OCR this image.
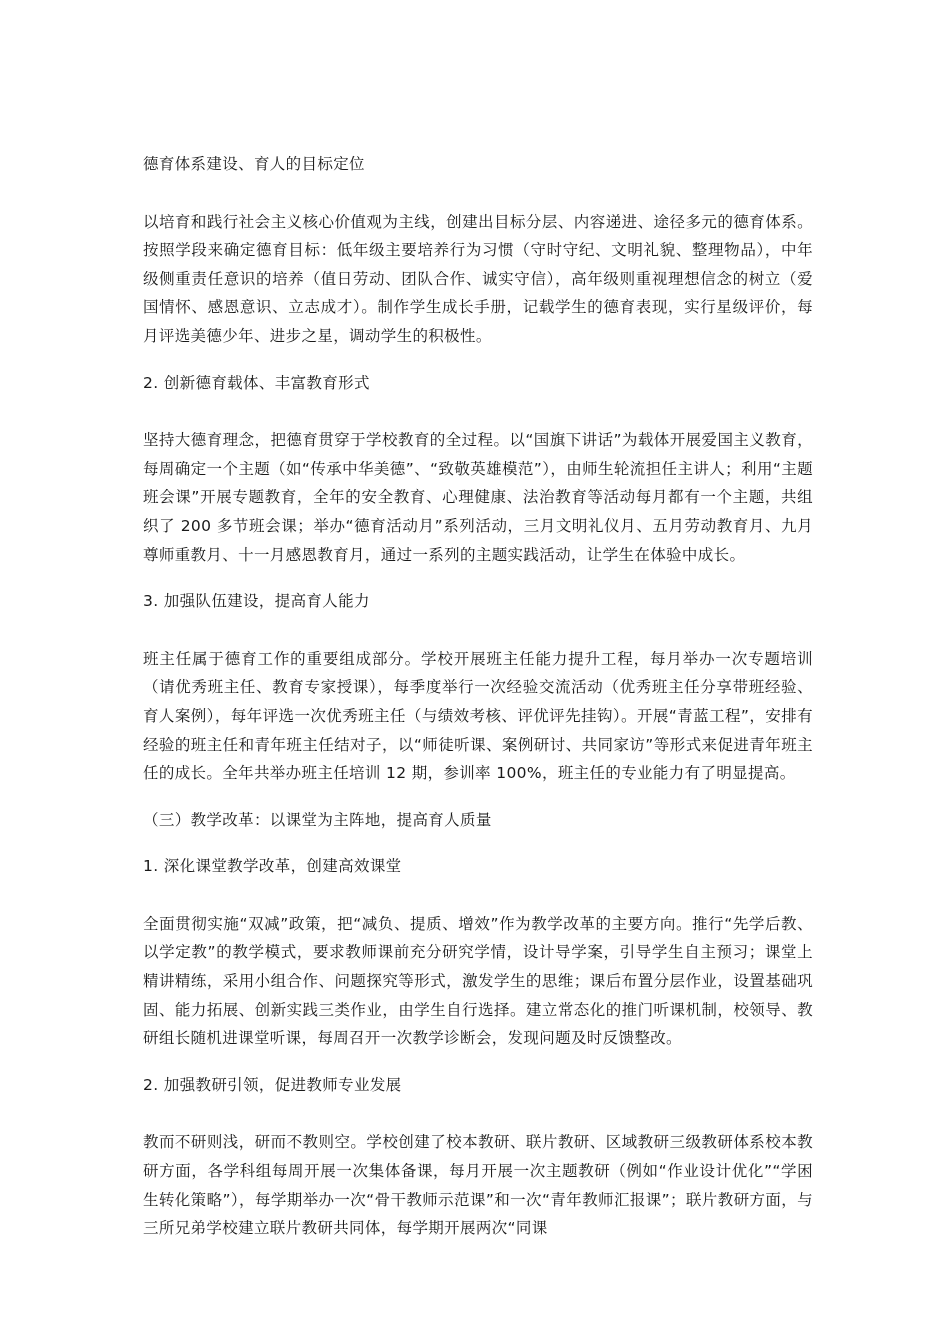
德育体系建设、育人的目标定位

以培育和践行社会主义核心价值观为主线，创建出目标分层、内容递进、途径多元的德育体系。按照学段来确定德育目标：低年级主要培养行为习惯（守时守纪、文明礼貌、整理物品），中年级侧重责任意识的培养（值日劳动、团队合作、诚实守信），高年级则重视理想信念的树立（爱国情怀、感恩意识、立志成才）。制作学生成长手册，记载学生的德育表现，实行星级评价，每月评选美德少年、进步之星，调动学生的积极性。

2. 创新德育载体、丰富教育形式

坚持大德育理念，把德育贯穿于学校教育的全过程。以“国旗下讲话”为载体开展爱国主义教育，每周确定一个主题（如“传承中华美德”、“致敬英雄模范”），由师生轮流担任主讲人；利用“主题班会课”开展专题教育，全年的安全教育、心理健康、法治教育等活动每月都有一个主题，共组织了 200 多节班会课；举办“德育活动月”系列活动，三月文明礼仪月、五月劳动教育月、九月尊师重教月、十一月感恩教育月，通过一系列的主题实践活动，让学生在体验中成长。

3. 加强队伍建设，提高育人能力

班主任属于德育工作的重要组成部分。学校开展班主任能力提升工程，每月举办一次专题培训（请优秀班主任、教育专家授课），每季度举行一次经验交流活动（优秀班主任分享带班经验、育人案例），每年评选一次优秀班主任（与绩效考核、评优评先挂钩）。开展“青蓝工程”，安排有经验的班主任和青年班主任结对子，以“师徒听课、案例研讨、共同家访”等形式来促进青年班主任的成长。全年共举办班主任培训 12 期，参训率 100%，班主任的专业能力有了明显提高。

（三）教学改革：以课堂为主阵地，提高育人质量

1. 深化课堂教学改革，创建高效课堂

全面贯彻实施“双减”政策，把“减负、提质、增效”作为教学改革的主要方向。推行“先学后教、以学定教”的教学模式，要求教师课前充分研究学情，设计导学案，引导学生自主预习；课堂上精讲精练，采用小组合作、问题探究等形式，激发学生的思维；课后布置分层作业，设置基础巩固、能力拓展、创新实践三类作业，由学生自行选择。建立常态化的推门听课机制，校领导、教研组长随机进课堂听课，每周召开一次教学诊断会，发现问题及时反馈整改。

2. 加强教研引领，促进教师专业发展

教而不研则浅，研而不教则空。学校创建了校本教研、联片教研、区域教研三级教研体系校本教研方面，各学科组每周开展一次集体备课，每月开展一次主题教研（例如“作业设计优化”“学困生转化策略”），每学期举办一次“骨干教师示范课”和一次“青年教师汇报课”；联片教研方面，与三所兄弟学校建立联片教研共同体，每学期开展两次“同课
